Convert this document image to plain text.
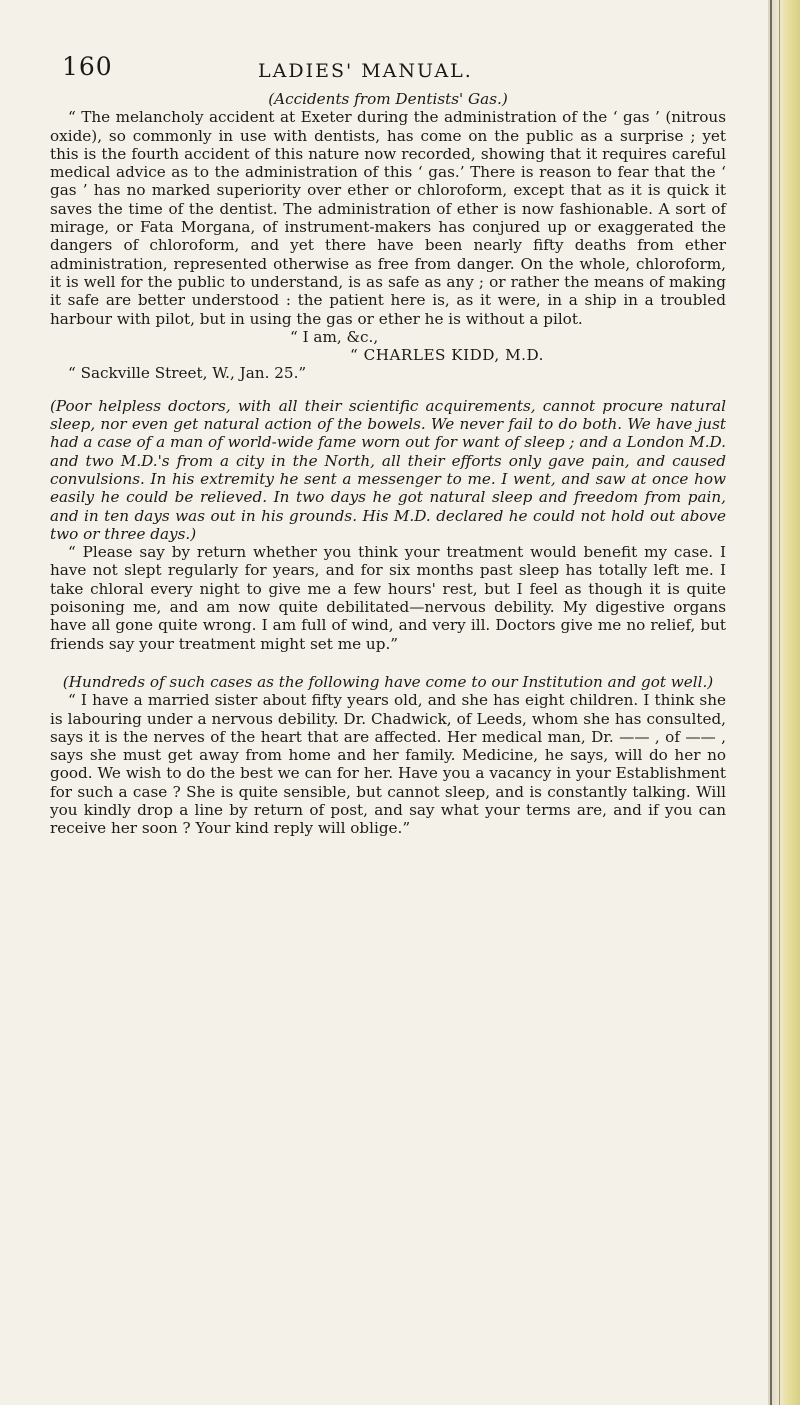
160	LADIES' MANUAL.

(Accidents from Dentists' Gas.)

“ The melancholy accident at Exeter during the administration of the ‘ gas ’ (nitrous oxide), so commonly in use with dentists, has come on the public as a surprise ; yet this is the fourth accident of this nature now recorded, showing that it requires careful medical advice as to the administration of this ‘ gas.’ There is reason to fear that the ‘ gas ’ has no marked superiority over ether or chloroform, except that as it is quick it saves the time of the dentist. The administration of ether is now fashionable. A sort of mirage, or Fata Morgana, of instrument-makers has conjured up or exaggerated the dangers of chloroform, and yet there have been nearly fifty deaths from ether administration, represented otherwise as free from danger. On the whole, chloroform, it is well for the public to understand, is as safe as any ; or rather the means of making it safe are better understood : the patient here is, as it were, in a ship in a troubled harbour with pilot, but in using the gas or ether he is without a pilot.

“ I am, &c.,

“ CHARLES KIDD, M.D.

“ Sackville Street, W., Jan. 25.”

(Poor helpless doctors, with all their scientific acquirements, cannot procure natural sleep, nor even get natural action of the bowels. We never fail to do both. We have just had a case of a man of world-wide fame worn out for want of sleep ; and a London M.D. and two M.D.'s from a city in the North, all their efforts only gave pain, and caused convulsions. In his extremity he sent a messenger to me. I went, and saw at once how easily he could be relieved. In two days he got natural sleep and freedom from pain, and in ten days was out in his grounds. His M.D. declared he could not hold out above two or three days.)

“ Please say by return whether you think your treatment would benefit my case. I have not slept regularly for years, and for six months past sleep has totally left me. I take chloral every night to give me a few hours' rest, but I feel as though it is quite poisoning me, and am now quite debilitated—nervous debility. My digestive organs have all gone quite wrong. I am full of wind, and very ill. Doctors give me no relief, but friends say your treatment might set me up.”

(Hundreds of such cases as the following have come to our Institution and got well.)

“ I have a married sister about fifty years old, and she has eight children. I think she is labouring under a nervous debility. Dr. Chadwick, of Leeds, whom she has consulted, says it is the nerves of the heart that are affected. Her medical man, Dr. —— , of —— , says she must get away from home and her family. Medicine, he says, will do her no good. We wish to do the best we can for her. Have you a vacancy in your Establishment for such a case ? She is quite sensible, but cannot sleep, and is constantly talking. Will you kindly drop a line by return of post, and say what your terms are, and if you can receive her soon ? Your kind reply will oblige.”
